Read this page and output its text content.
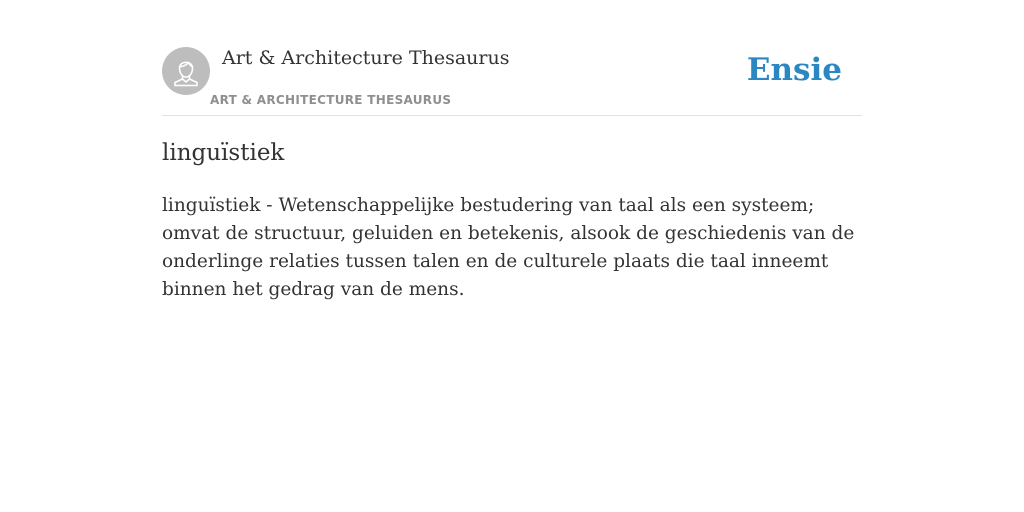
Art & Architecture Thesaurus
ART & ARCHITECTURE THESAURUS
Ensie
linguïstiek

linguïstiek - Wetenschappelijke bestudering van taal als een systeem; omvat de structuur, geluiden en betekenis, alsook de geschiedenis van de onderlinge relaties tussen talen en de culturele plaats die taal inneemt binnen het gedrag van de mens.
